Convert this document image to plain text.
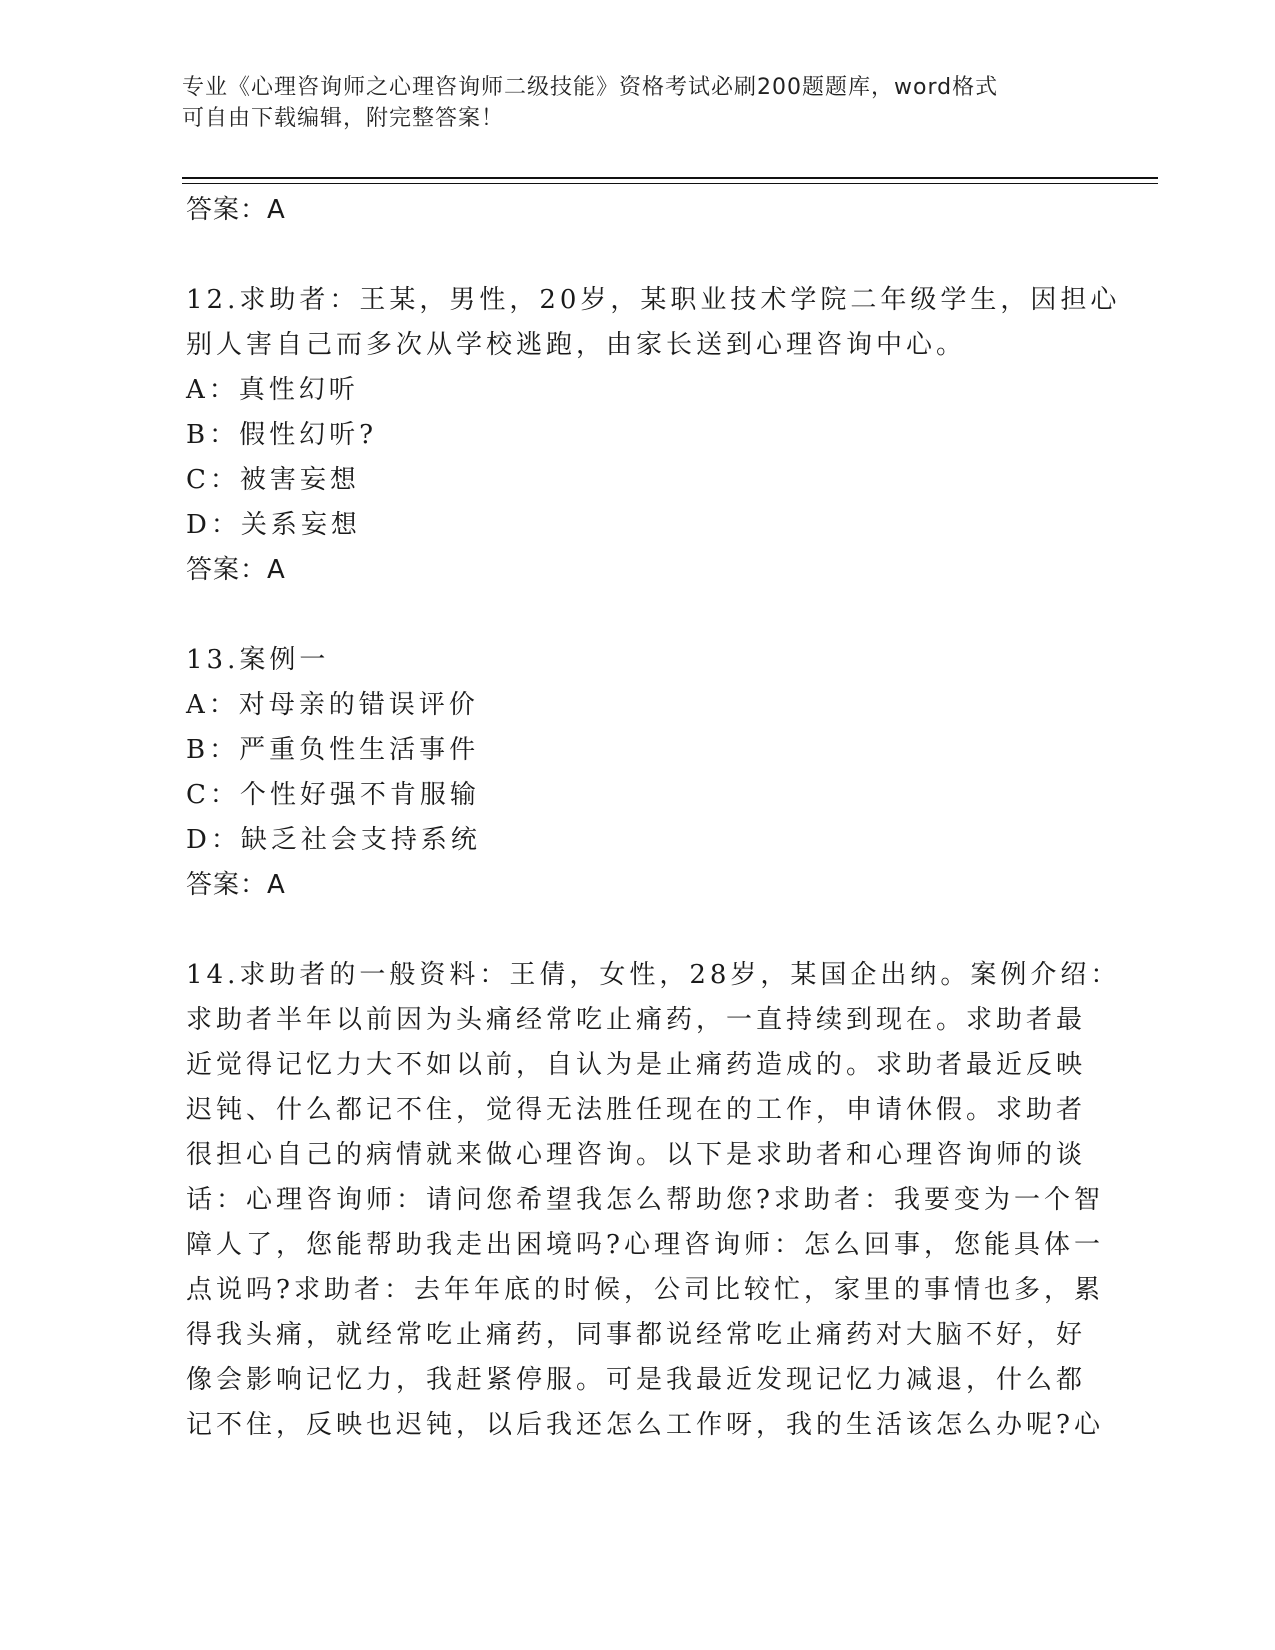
专业《心理咨询师之心理咨询师二级技能》资格考试必刷200题题库，word格式
可自由下载编辑，附完整答案！
答案：A
12.求助者：王某，男性，20岁，某职业技术学院二年级学生，因担心
别人害自己而多次从学校逃跑，由家长送到心理咨询中心。
A：真性幻听
B：假性幻听?
C：被害妄想
D：关系妄想
答案：A
13.案例一
A：对母亲的错误评价
B：严重负性生活事件
C：个性好强不肯服输
D：缺乏社会支持系统
答案：A
14.求助者的一般资料：王倩，女性，28岁，某国企出纳。案例介绍：
求助者半年以前因为头痛经常吃止痛药，一直持续到现在。求助者最
近觉得记忆力大不如以前，自认为是止痛药造成的。求助者最近反映
迟钝、什么都记不住，觉得无法胜任现在的工作，申请休假。求助者
很担心自己的病情就来做心理咨询。以下是求助者和心理咨询师的谈
话：心理咨询师：请问您希望我怎么帮助您?求助者：我要变为一个智
障人了，您能帮助我走出困境吗?心理咨询师：怎么回事，您能具体一
点说吗?求助者：去年年底的时候，公司比较忙，家里的事情也多，累
得我头痛，就经常吃止痛药，同事都说经常吃止痛药对大脑不好，好
像会影响记忆力，我赶紧停服。可是我最近发现记忆力减退，什么都
记不住，反映也迟钝，以后我还怎么工作呀，我的生活该怎么办呢?心
